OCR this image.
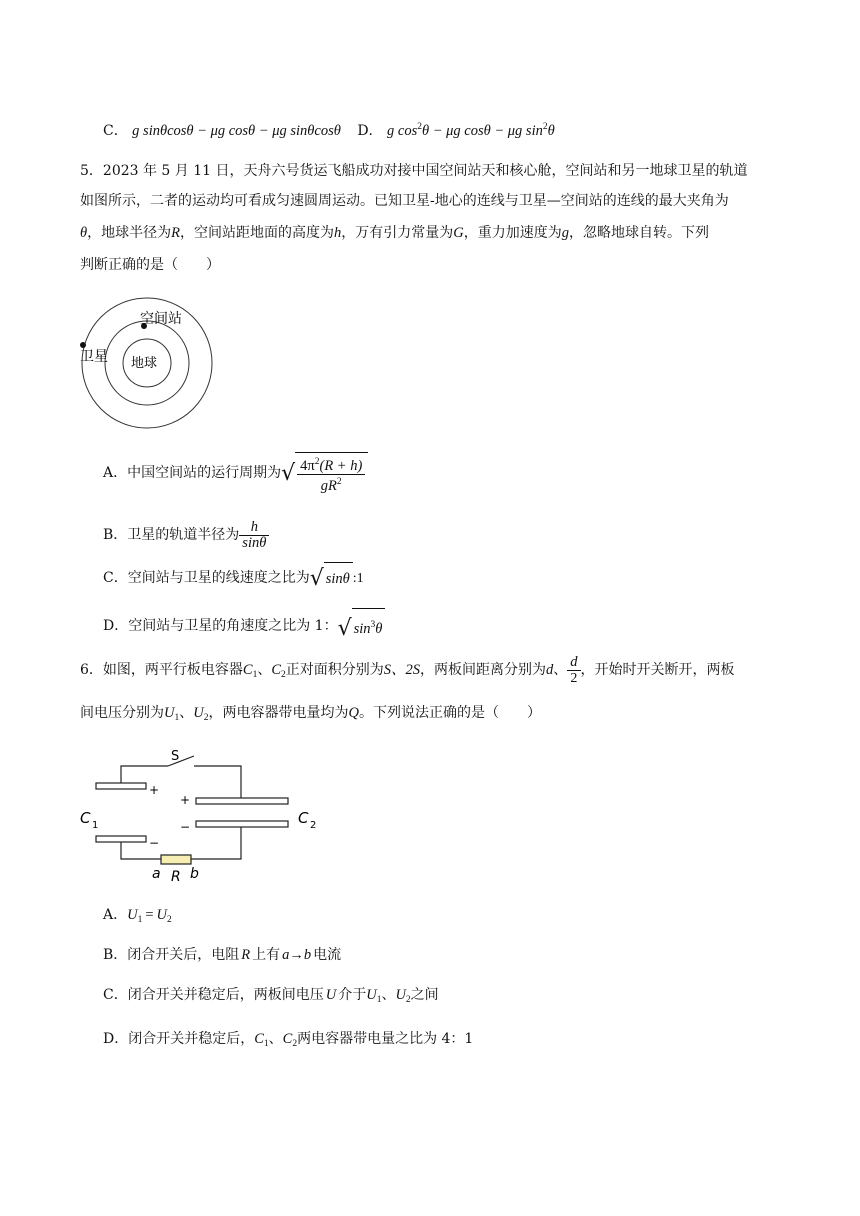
C． g sinθcosθ − μg cosθ − μg sinθcosθ D． g $\cos^2\theta - \mu g$ cosθ − μg $\sin^2\theta$
5．2023 年 5 月 11 日，天舟六号货运飞船成功对接中国空间站天和核心舱，空间站和另一地球卫星的轨道
如图所示，二者的运动均可看成匀速圆周运动。已知卫星-地心的连线与卫星—空间站的连线的最大夹角为
θ，地球半径为R，空间站距地面的高度为h，万有引力常量为G，重力加速度为g，忽略地球自转。下列
判断正确的是（　　）
空间站
卫星 地球
A．中国空间站的运行周期为√ $\frac{4\pi^2(R + h)}{gR^2}$
B．卫星的轨道半径为 $\frac{h}{\sin\theta}$
C．空间站与卫星的线速度之比为√ sinθ :1
D．空间站与卫星的角速度之比为 1：√ $\sin^3\theta$
6．如图，两平行板电容器$C_1$、$C_2$正对面积分别为S、2S，两板间距离分别为d、 $\frac{d}{2}$ ，开始时开关断开，两板
间电压分别为$U_1$、$U_2$，两电容器带电量均为Q。下列说法正确的是（　　）
S
+
+
−
−
C 1	C 2
a R b
A．$U_1 = U_2$
B．闭合开关后，电阻 R 上有 a→b 电流
C．闭合开关并稳定后，两板间电压 U 介于$U_1$、$U_2$之间
D．闭合开关并稳定后，$C_1$、$C_2$两电容器带电量之比为 4：1
